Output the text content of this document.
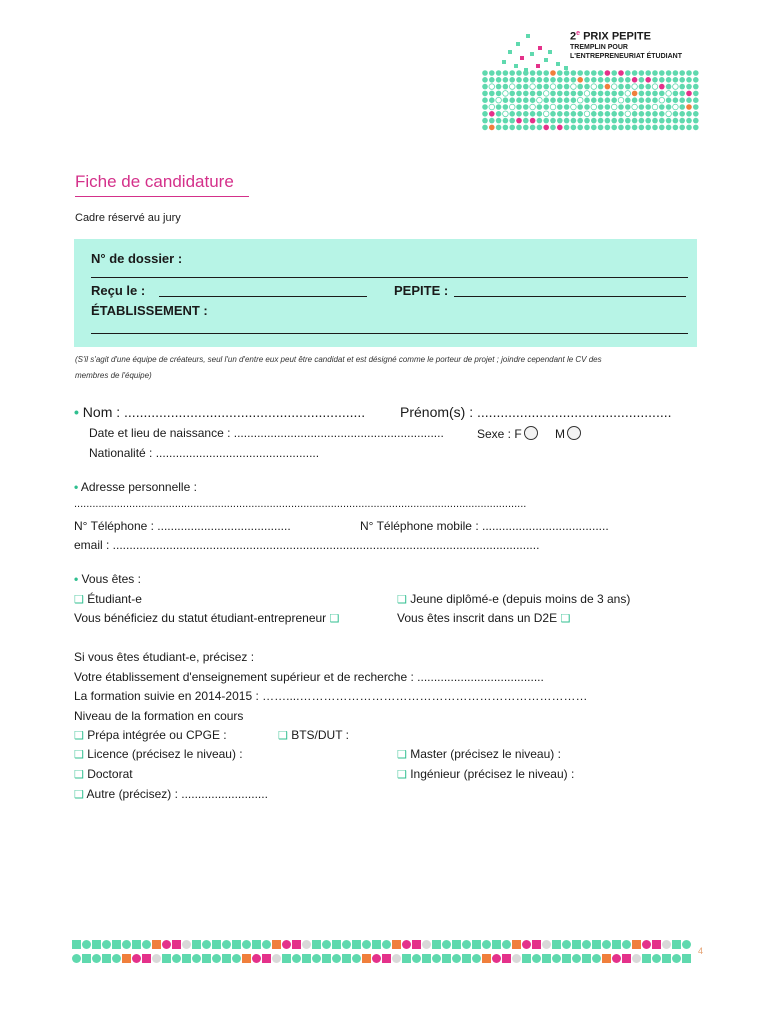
2e PRIX PEPITE
TREMPLIN POUR
L'ENTREPRENEURIAT ÉTUDIANT
Fiche de candidature
Cadre réservé au jury
N° de dossier :
Reçu le :	PEPITE :
ÉTABLISSEMENT :
(S'il s'agit d'une équipe de créateurs, seul l'un d'entre eux peut être candidat et est désigné comme le porteur de projet ; joindre cependant le CV des
membres de l'équipe)
• Nom : .............................................................. Prénom(s) : ..................................................
Date et lieu de naissance : ...............................................................	Sexe : F	M
Nationalité : .................................................
• Adresse personnelle :
....................................................................................................................................................
N° Téléphone : ........................................	N° Téléphone mobile : ......................................
email : ................................................................................................................................
• Vous êtes :
❑ Étudiant-e	❑ Jeune diplômé-e (depuis moins de 3 ans)
Vous bénéficiez du statut étudiant-entrepreneur ❑	Vous êtes inscrit dans un D2E ❑
Si vous êtes étudiant-e, précisez :
Votre établissement d'enseignement supérieur et de recherche : ......................................
La formation suivie en 2014-2015 : ……....………………………………………………………………
Niveau de la formation en cours
❑ Prépa intégrée ou CPGE :	❑ BTS/DUT :
❑ Licence (précisez le niveau) :	❑ Master (précisez le niveau) :
❑ Doctorat	❑ Ingénieur (précisez le niveau) :
❑ Autre (précisez) : ..........................
4
